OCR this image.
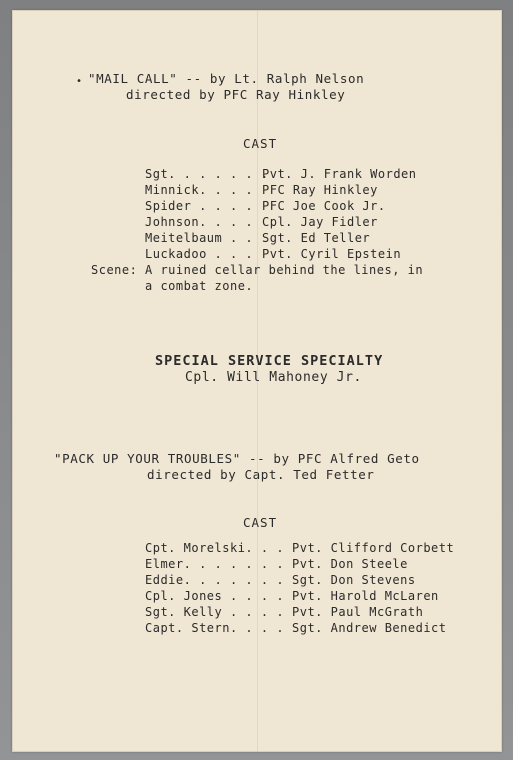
• "MAIL CALL" -- by Lt. Ralph Nelson
directed by PFC Ray Hinkley
CAST
Sgt. . . . . . .
Pvt. J. Frank Worden
Minnick. . . . PFC Ray Hinkley
Spider . . . . PFC Joe Cook Jr.
Johnson. . . . Cpl. Jay Fidler
Meitelbaum . . Sgt. Ed Teller
Luckadoo . . . Pvt. Cyril Epstein
Scene: A ruined cellar behind the lines, in
a combat zone.
SPECIAL SERVICE SPECIALTY
Cpl. Will Mahoney Jr.
"PACK UP YOUR TROUBLES" -- by PFC Alfred Geto
directed by Capt. Ted Fetter
CAST
Cpt. Morelski. . . Pvt. Clifford Corbett
Elmer. . . . . . . Pvt. Don Steele
Eddie. . . . . . . Sgt. Don Stevens
Cpl. Jones . . . . Pvt. Harold McLaren
Sgt. Kelly . . . . Pvt. Paul McGrath
Capt. Stern. . . . Sgt. Andrew Benedict
